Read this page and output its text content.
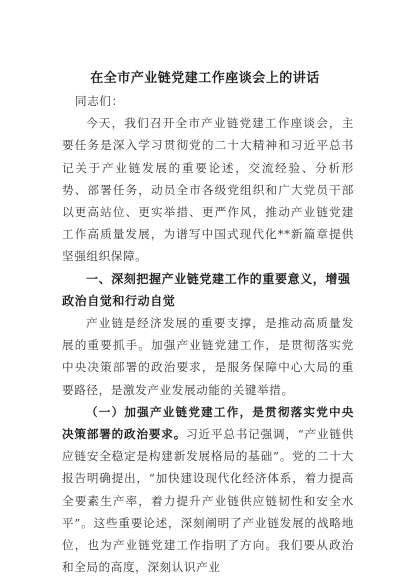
在全市产业链党建工作座谈会上的讲话

同志们：

今天，我们召开全市产业链党建工作座谈会，主要任务是深入学习贯彻党的二十大精神和习近平总书记关于产业链发展的重要论述，交流经验、分析形势、部署任务，动员全市各级党组织和广大党员干部以更高站位、更实举措、更严作风，推动产业链党建工作高质量发展，为谱写中国式现代化**新篇章提供坚强组织保障。

一、深刻把握产业链党建工作的重要意义，增强政治自觉和行动自觉

产业链是经济发展的重要支撑，是推动高质量发展的重要抓手。加强产业链党建工作，是贯彻落实党中央决策部署的政治要求，是服务保障中心大局的重要路径，是激发产业发展动能的关键举措。

（一）加强产业链党建工作，是贯彻落实党中央决策部署的政治要求。习近平总书记强调，“产业链供应链安全稳定是构建新发展格局的基础”。党的二十大报告明确提出，“加快建设现代化经济体系，着力提高全要素生产率，着力提升产业链供应链韧性和安全水平”。这些重要论述，深刻阐明了产业链发展的战略地位，也为产业链党建工作指明了方向。我们要从政治和全局的高度，深刻认识产业
